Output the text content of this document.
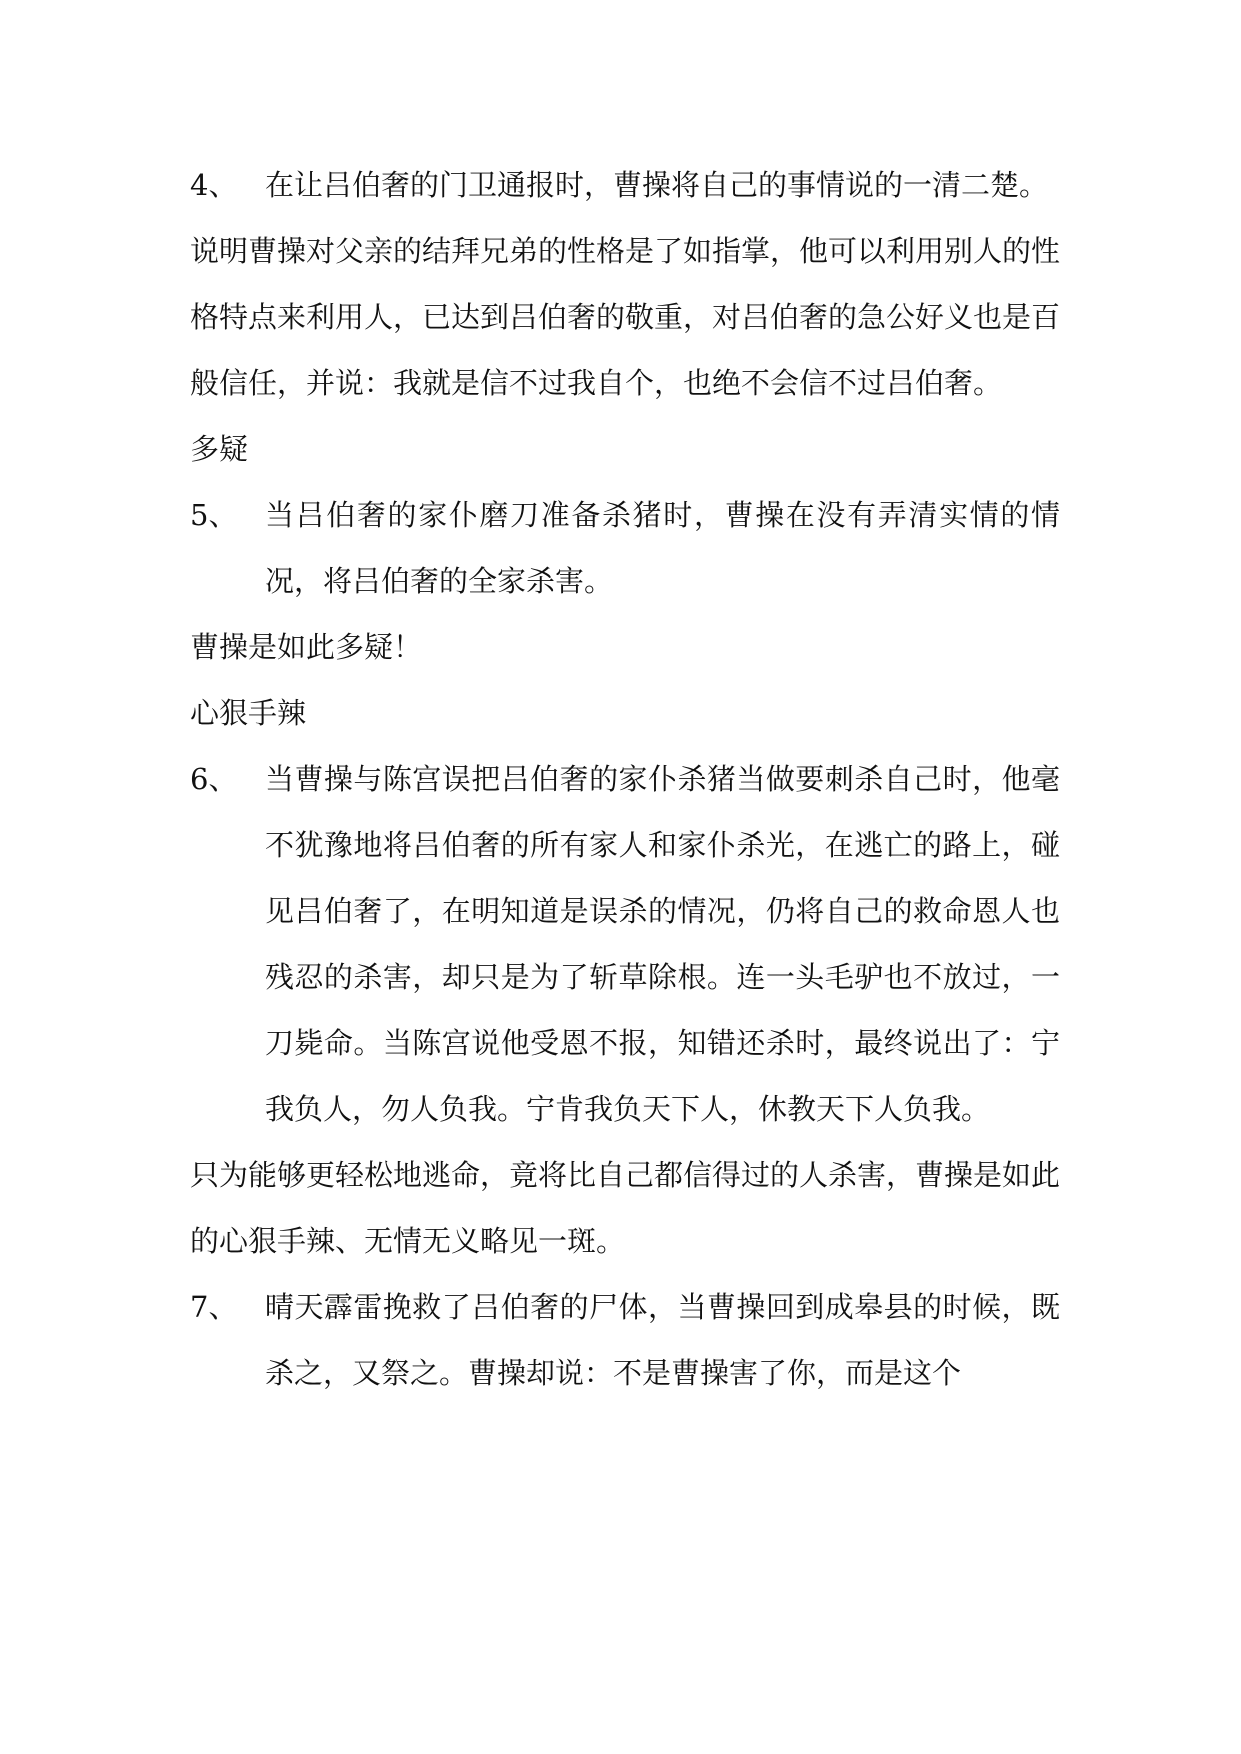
4、 在让吕伯奢的门卫通报时，曹操将自己的事情说的一清二楚。
说明曹操对父亲的结拜兄弟的性格是了如指掌，他可以利用别人的性格特点来利用人，已达到吕伯奢的敬重，对吕伯奢的急公好义也是百般信任，并说：我就是信不过我自个，也绝不会信不过吕伯奢。
多疑
5、 当吕伯奢的家仆磨刀准备杀猪时，曹操在没有弄清实情的情况，将吕伯奢的全家杀害。
曹操是如此多疑！
心狠手辣
6、 当曹操与陈宫误把吕伯奢的家仆杀猪当做要刺杀自己时，他毫不犹豫地将吕伯奢的所有家人和家仆杀光，在逃亡的路上，碰见吕伯奢了，在明知道是误杀的情况，仍将自己的救命恩人也残忍的杀害，却只是为了斩草除根。连一头毛驴也不放过，一刀毙命。当陈宫说他受恩不报，知错还杀时，最终说出了：宁我负人，勿人负我。宁肯我负天下人，休教天下人负我。
只为能够更轻松地逃命，竟将比自己都信得过的人杀害，曹操是如此的心狠手辣、无情无义略见一斑。
7、 晴天霹雷挽救了吕伯奢的尸体，当曹操回到成皋县的时候，既杀之，又祭之。曹操却说：不是曹操害了你，而是这个
